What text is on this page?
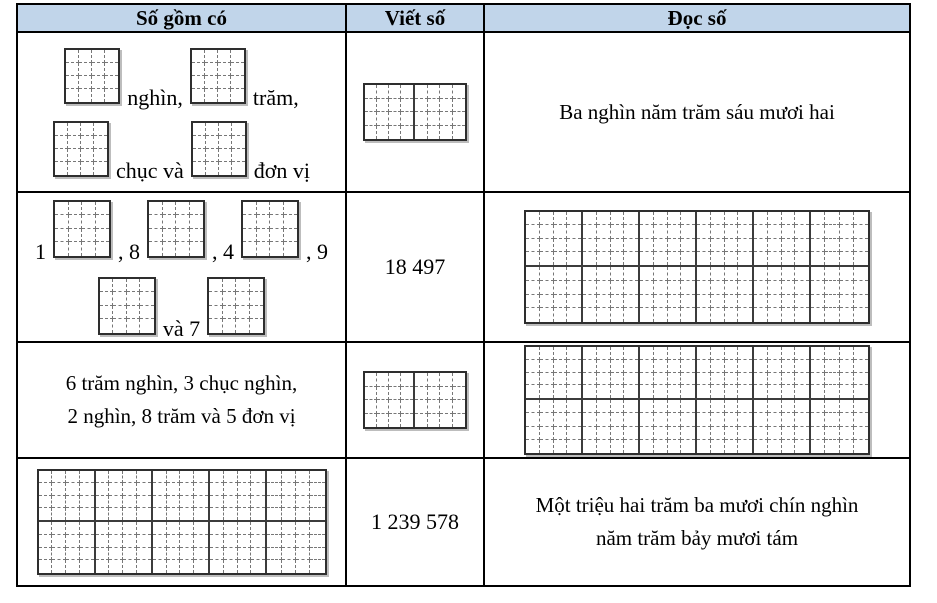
Số gồm có	Viết số	Đọc số

nghìn, trăm,
chục và đơn vị		Ba nghìn năm trăm sáu mươi hai

1 , 8 , 4 , 9
và 7	18 497	

6 trăm nghìn, 3 chục nghìn,
2 nghìn, 8 trăm và 5 đơn vị		

	1 239 578	Một triệu hai trăm ba mươi chín nghìn
năm trăm bảy mươi tám
